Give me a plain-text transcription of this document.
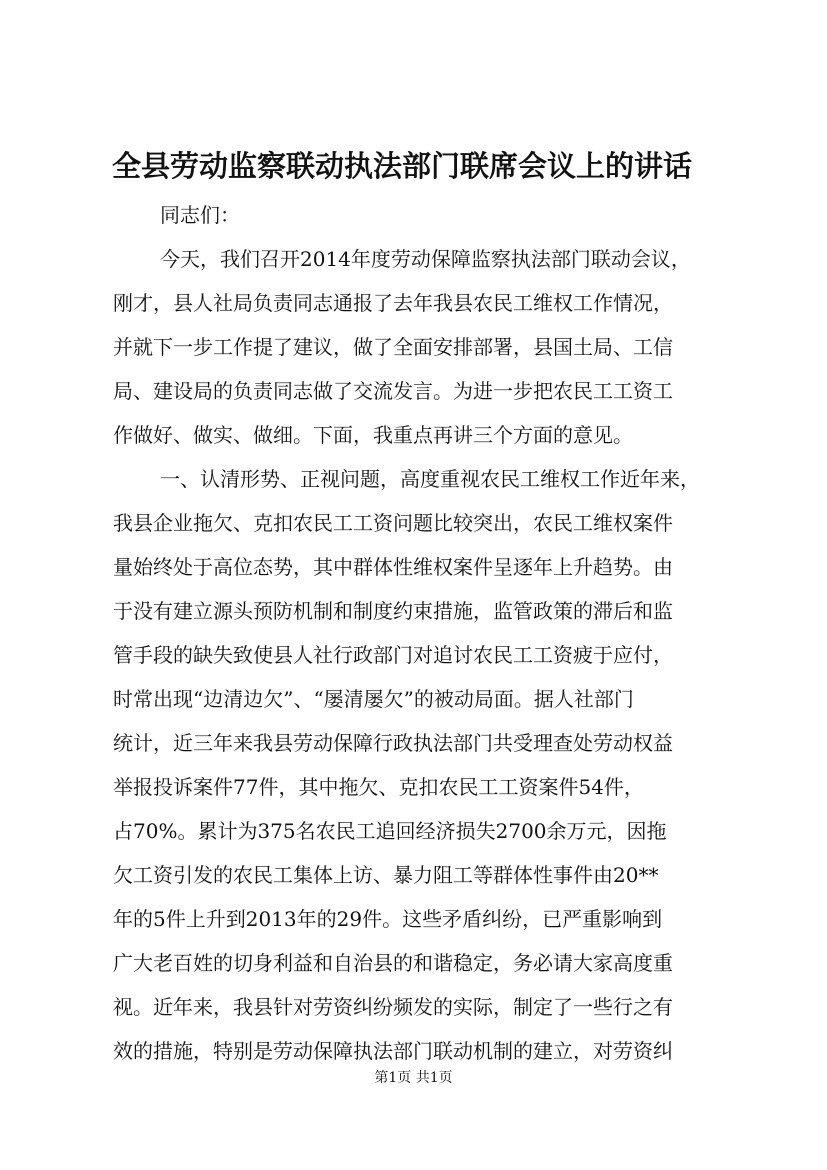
全县劳动监察联动执法部门联席会议上的讲话
同志们：
今天，我们召开2014年度劳动保障监察执法部门联动会议，
刚才，县人社局负责同志通报了去年我县农民工维权工作情况，
并就下一步工作提了建议，做了全面安排部署，县国土局、工信
局、建设局的负责同志做了交流发言。为进一步把农民工工资工
作做好、做实、做细。下面，我重点再讲三个方面的意见。
一、认清形势、正视问题，高度重视农民工维权工作近年来，
我县企业拖欠、克扣农民工工资问题比较突出，农民工维权案件
量始终处于高位态势，其中群体性维权案件呈逐年上升趋势。由
于没有建立源头预防机制和制度约束措施，监管政策的滞后和监
管手段的缺失致使县人社行政部门对追讨农民工工资疲于应付，
时常出现“边清边欠”、“屡清屡欠”的被动局面。据人社部门
统计，近三年来我县劳动保障行政执法部门共受理查处劳动权益
举报投诉案件77件，其中拖欠、克扣农民工工资案件54件，
占70%。累计为375名农民工追回经济损失2700余万元，因拖
欠工资引发的农民工集体上访、暴力阻工等群体性事件由20**
年的5件上升到2013年的29件。这些矛盾纠纷，已严重影响到
广大老百姓的切身利益和自治县的和谐稳定，务必请大家高度重
视。近年来，我县针对劳资纠纷频发的实际，制定了一些行之有
效的措施，特别是劳动保障执法部门联动机制的建立，对劳资纠
第1页 共1页
